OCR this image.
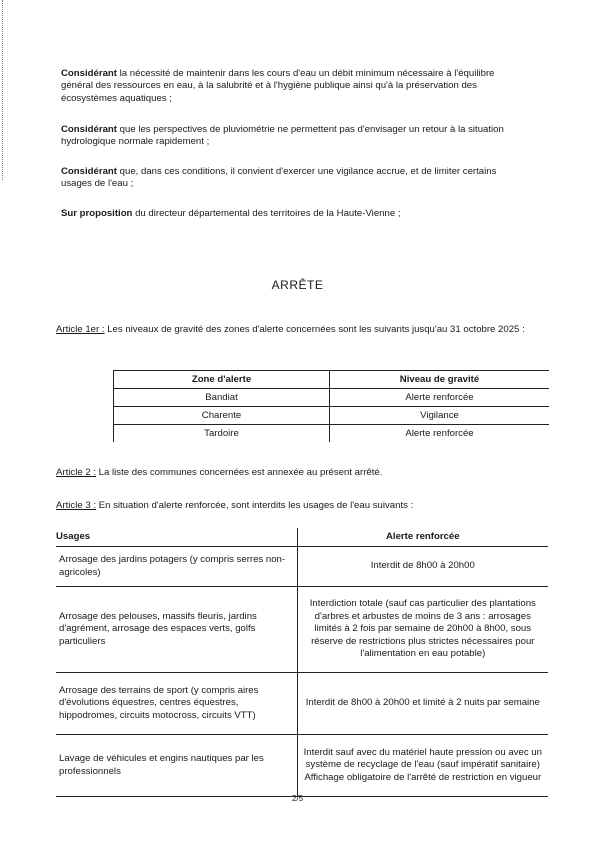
Considérant la nécessité de maintenir dans les cours d'eau un débit minimum nécessaire à l'équilibre général des ressources en eau, à la salubrité et à l'hygiène publique ainsi qu'à la préservation des écosystèmes aquatiques ;

Considérant que les perspectives de pluviométrie ne permettent pas d'envisager un retour à la situation hydrologique normale rapidement ;

Considérant que, dans ces conditions, il convient d'exercer une vigilance accrue, et de limiter certains usages de l'eau ;

Sur proposition du directeur départemental des territoires de la Haute-Vienne ;

ARRÊTE

Article 1er : Les niveaux de gravité des zones d'alerte concernées sont les suivants jusqu'au 31 octobre 2025 :

Zone d'alerte	Niveau de gravité
Bandiat	Alerte renforcée
Charente	Vigilance
Tardoire	Alerte renforcée

Article 2 : La liste des communes concernées est annexée au présent arrêté.

Article 3 : En situation d'alerte renforcée, sont interdits les usages de l'eau suivants :

Usages	Alerte renforcée
Arrosage des jardins potagers (y compris serres non-agricoles)	Interdit de 8h00 à 20h00
Arrosage des pelouses, massifs fleuris, jardins d'agrément, arrosage des espaces verts, golfs particuliers	Interdiction totale (sauf cas particulier des plantations d'arbres et arbustes de moins de 3 ans : arrosages limités à 2 fois par semaine de 20h00 à 8h00, sous réserve de restrictions plus strictes nécessaires pour l'alimentation en eau potable)
Arrosage des terrains de sport (y compris aires d'évolutions équestres, centres équestres, hippodromes, circuits motocross, circuits VTT)	Interdit de 8h00 à 20h00 et limité à 2 nuits par semaine
Lavage de véhicules et engins nautiques par les professionnels	Interdit sauf avec du matériel haute pression ou avec un système de recyclage de l'eau (sauf impératif sanitaire) Affichage obligatoire de l'arrêté de restriction en vigueur
2/5
